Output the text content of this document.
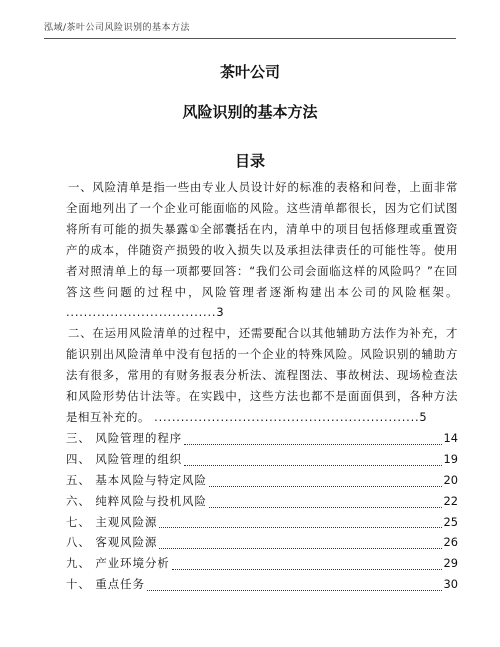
泓域/茶叶公司风险识别的基本方法
茶叶公司
风险识别的基本方法
目录
一、风险清单是指一些由专业人员设计好的标准的表格和问卷，上面非常全面地列出了一个企业可能面临的风险。这些清单都很长，因为它们试图将所有可能的损失暴露①全部囊括在内，清单中的项目包括修理或重置资产的成本，伴随资产损毁的收入损失以及承担法律责任的可能性等。使用者对照清单上的每一项都要回答：“我们公司会面临这样的风险吗？”在回答这些问题的过程中，风险管理者逐渐构建出本公司的风险框架。 ..................................3
二、在运用风险清单的过程中，还需要配合以其他辅助方法作为补充，才能识别出风险清单中没有包括的一个企业的特殊风险。风险识别的辅助方法有很多，常用的有财务报表分析法、流程图法、事故树法、现场检查法和风险形势估计法等。在实践中，这些方法也都不是面面俱到，各种方法是相互补充的。 ............................................................5
三、 风险管理的程序	14
四、 风险管理的组织	19
五、 基本风险与特定风险	20
六、 纯粹风险与投机风险	22
七、 主观风险源	25
八、 客观风险源	26
九、 产业环境分析	29
十、 重点任务	30
